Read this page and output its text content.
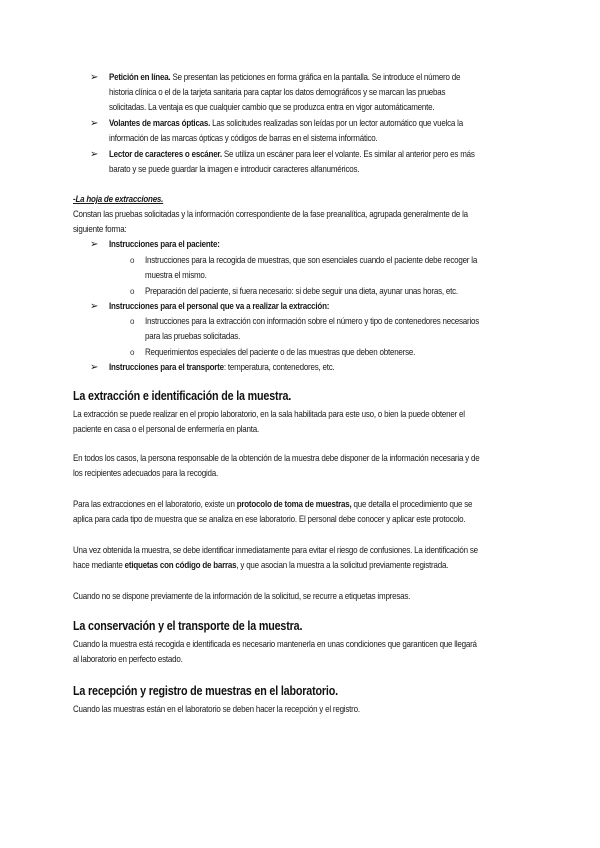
➢ Petición en línea. Se presentan las peticiones en forma gráfica en la pantalla. Se introduce el número de
historia clínica o el de la tarjeta sanitaria para captar los datos demográficos y se marcan las pruebas
solicitadas. La ventaja es que cualquier cambio que se produzca entra en vigor automáticamente.
➢ Volantes de marcas ópticas. Las solicitudes realizadas son leídas por un lector automático que vuelca la
información de las marcas ópticas y códigos de barras en el sistema informático.
➢ Lector de caracteres o escáner. Se utiliza un escáner para leer el volante. Es similar al anterior pero es más
barato y se puede guardar la imagen e introducir caracteres alfanuméricos.
-La hoja de extracciones.
Constan las pruebas solicitadas y la información correspondiente de la fase preanalítica, agrupada generalmente de la
siguiente forma:
➢ Instrucciones para el paciente:
o Instrucciones para la recogida de muestras, que son esenciales cuando el paciente debe recoger la
muestra el mismo.
o Preparación del paciente, si fuera necesario: si debe seguir una dieta, ayunar unas horas, etc.
➢ Instrucciones para el personal que va a realizar la extracción:
o Instrucciones para la extracción con información sobre el número y tipo de contenedores necesarios
para las pruebas solicitadas.
o Requerimientos especiales del paciente o de las muestras que deben obtenerse.
➢ Instrucciones para el transporte: temperatura, contenedores, etc.
La extracción e identificación de la muestra.
La extracción se puede realizar en el propio laboratorio, en la sala habilitada para este uso, o bien la puede obtener el
paciente en casa o el personal de enfermería en planta.
En todos los casos, la persona responsable de la obtención de la muestra debe disponer de la información necesaria y de
los recipientes adecuados para la recogida.
Para las extracciones en el laboratorio, existe un protocolo de toma de muestras, que detalla el procedimiento que se
aplica para cada tipo de muestra que se analiza en ese laboratorio. El personal debe conocer y aplicar este protocolo.
Una vez obtenida la muestra, se debe identificar inmediatamente para evitar el riesgo de confusiones. La identificación se
hace mediante etiquetas con código de barras, y que asocian la muestra a la solicitud previamente registrada.
Cuando no se dispone previamente de la información de la solicitud, se recurre a etiquetas impresas.
La conservación y el transporte de la muestra.
Cuando la muestra está recogida e identificada es necesario mantenerla en unas condiciones que garanticen que llegará
al laboratorio en perfecto estado.
La recepción y registro de muestras en el laboratorio.
Cuando las muestras están en el laboratorio se deben hacer la recepción y el registro.
